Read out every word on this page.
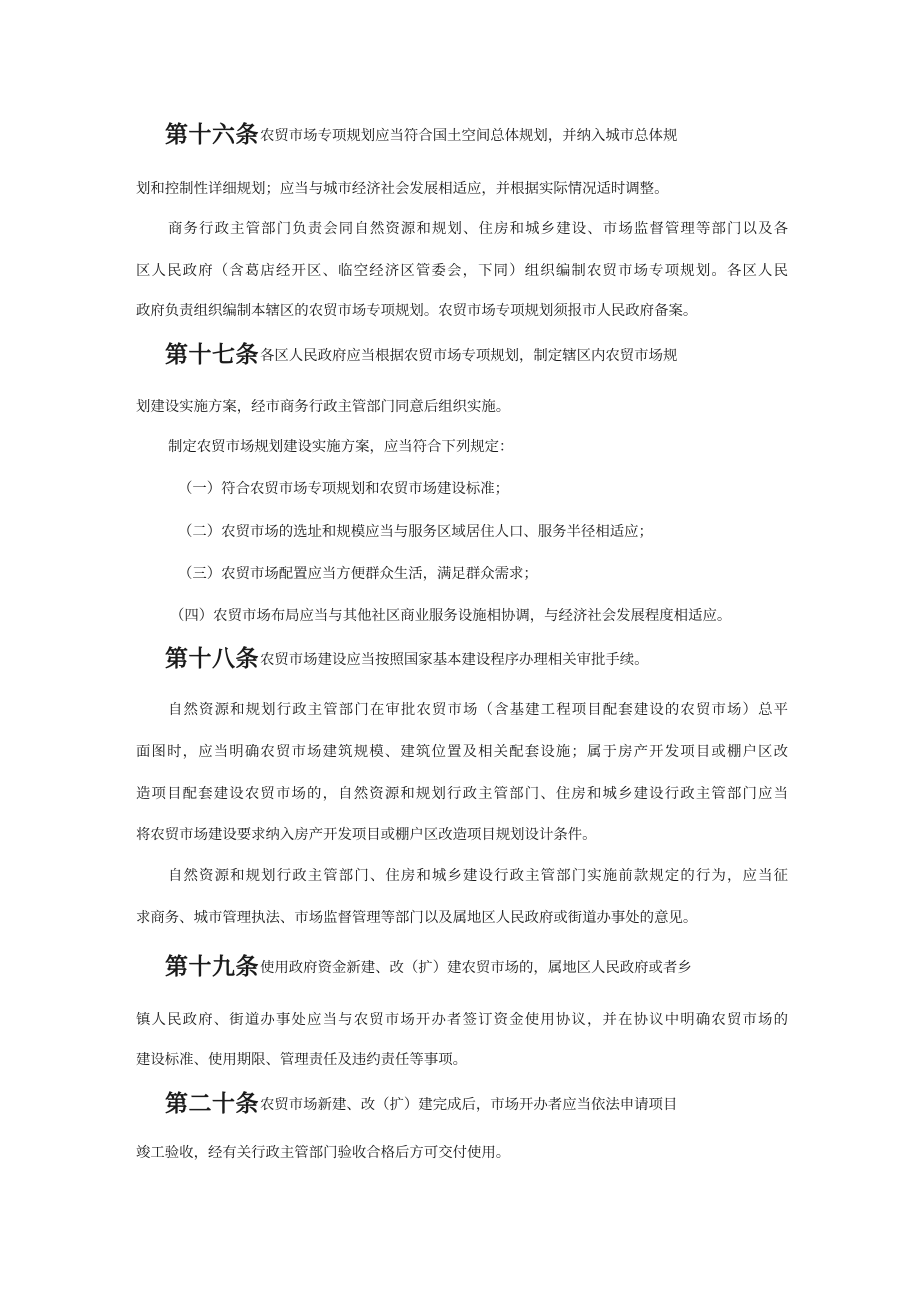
第十六条农贸市场专项规划应当符合国土空间总体规划，并纳入城市总体规
划和控制性详细规划；应当与城市经济社会发展相适应，并根据实际情况适时调整。
商务行政主管部门负责会同自然资源和规划、住房和城乡建设、市场监督管理等部门以及各
区人民政府（含葛店经开区、临空经济区管委会，下同）组织编制农贸市场专项规划。各区人民
政府负责组织编制本辖区的农贸市场专项规划。农贸市场专项规划须报市人民政府备案。
第十七条各区人民政府应当根据农贸市场专项规划，制定辖区内农贸市场规
划建设实施方案，经市商务行政主管部门同意后组织实施。
制定农贸市场规划建设实施方案，应当符合下列规定：
（一）符合农贸市场专项规划和农贸市场建设标准；
（二）农贸市场的选址和规模应当与服务区域居住人口、服务半径相适应；
（三）农贸市场配置应当方便群众生活，满足群众需求；
（四）农贸市场布局应当与其他社区商业服务设施相协调，与经济社会发展程度相适应。
第十八条农贸市场建设应当按照国家基本建设程序办理相关审批手续。
自然资源和规划行政主管部门在审批农贸市场（含基建工程项目配套建设的农贸市场）总平
面图时，应当明确农贸市场建筑规模、建筑位置及相关配套设施；属于房产开发项目或棚户区改
造项目配套建设农贸市场的，自然资源和规划行政主管部门、住房和城乡建设行政主管部门应当
将农贸市场建设要求纳入房产开发项目或棚户区改造项目规划设计条件。
自然资源和规划行政主管部门、住房和城乡建设行政主管部门实施前款规定的行为，应当征
求商务、城市管理执法、市场监督管理等部门以及属地区人民政府或街道办事处的意见。
第十九条使用政府资金新建、改（扩）建农贸市场的，属地区人民政府或者乡
镇人民政府、街道办事处应当与农贸市场开办者签订资金使用协议，并在协议中明确农贸市场的
建设标准、使用期限、管理责任及违约责任等事项。
第二十条农贸市场新建、改（扩）建完成后，市场开办者应当依法申请项目
竣工验收，经有关行政主管部门验收合格后方可交付使用。
